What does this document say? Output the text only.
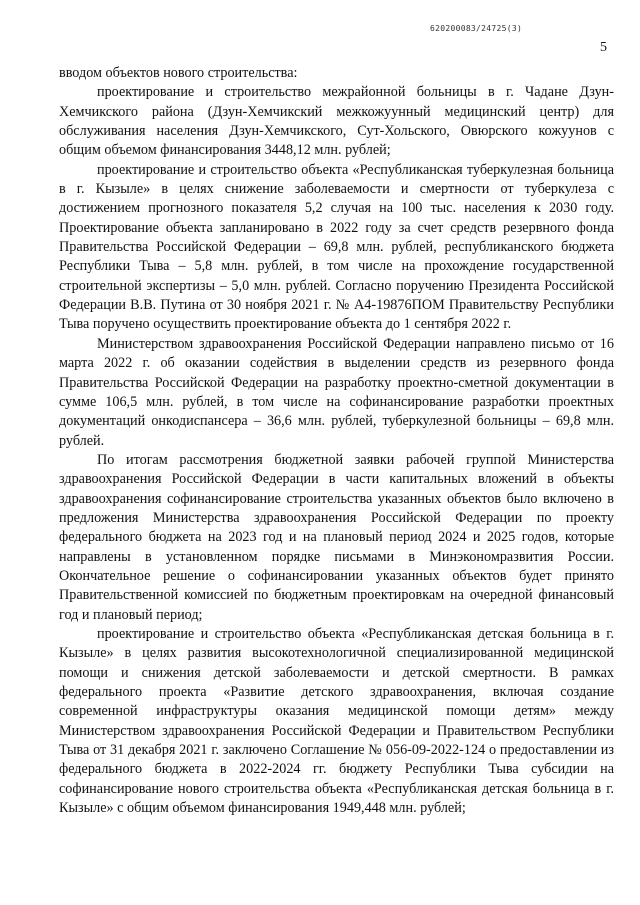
620200083/24725(3)
5

вводом объектов нового строительства:

проектирование и строительство межрайонной больницы в г. Чадане Дзун-Хемчикского района (Дзун-Хемчикский межкожуунный медицинский центр) для обслуживания населения Дзун-Хемчикского, Сут-Хольского, Овюрского кожуунов с общим объемом финансирования 3448,12 млн. рублей;

проектирование и строительство объекта «Республиканская туберкулезная больница в г. Кызыле» в целях снижение заболеваемости и смертности от туберкулеза с достижением прогнозного показателя 5,2 случая на 100 тыс. населения к 2030 году. Проектирование объекта запланировано в 2022 году за счет средств резервного фонда Правительства Российской Федерации – 69,8 млн. рублей, республиканского бюджета Республики Тыва – 5,8 млн. рублей, в том числе на прохождение государственной строительной экспертизы – 5,0 млн. рублей. Согласно поручению Президента Российской Федерации В.В. Путина от 30 ноября 2021 г. № А4-19876ПОМ Правительству Республики Тыва поручено осуществить проектирование объекта до 1 сентября 2022 г.

Министерством здравоохранения Российской Федерации направлено письмо от 16 марта 2022 г. об оказании содействия в выделении средств из резервного фонда Правительства Российской Федерации на разработку проектно-сметной документации в сумме 106,5 млн. рублей, в том числе на софинансирование разработки проектных документаций онкодиспансера – 36,6 млн. рублей, туберкулезной больницы – 69,8 млн. рублей.

По итогам рассмотрения бюджетной заявки рабочей группой Министерства здравоохранения Российской Федерации в части капитальных вложений в объекты здравоохранения софинансирование строительства указанных объектов было включено в предложения Министерства здравоохранения Российской Федерации по проекту федерального бюджета на 2023 год и на плановый период 2024 и 2025 годов, которые направлены в установленном порядке письмами в Минэкономразвития России. Окончательное решение о софинансировании указанных объектов будет принято Правительственной комиссией по бюджетным проектировкам на очередной финансовый год и плановый период;

проектирование и строительство объекта «Республиканская детская больница в г. Кызыле» в целях развития высокотехнологичной специализированной медицинской помощи и снижения детской заболеваемости и детской смертности. В рамках федерального проекта «Развитие детского здравоохранения, включая создание современной инфраструктуры оказания медицинской помощи детям» между Министерством здравоохранения Российской Федерации и Правительством Республики Тыва от 31 декабря 2021 г. заключено Соглашение № 056-09-2022-124 о предоставлении из федерального бюджета в 2022-2024 гг. бюджету Республики Тыва субсидии на софинансирование нового строительства объекта «Республиканская детская больница в г. Кызыле» с общим объемом финансирования 1949,448 млн. рублей;
